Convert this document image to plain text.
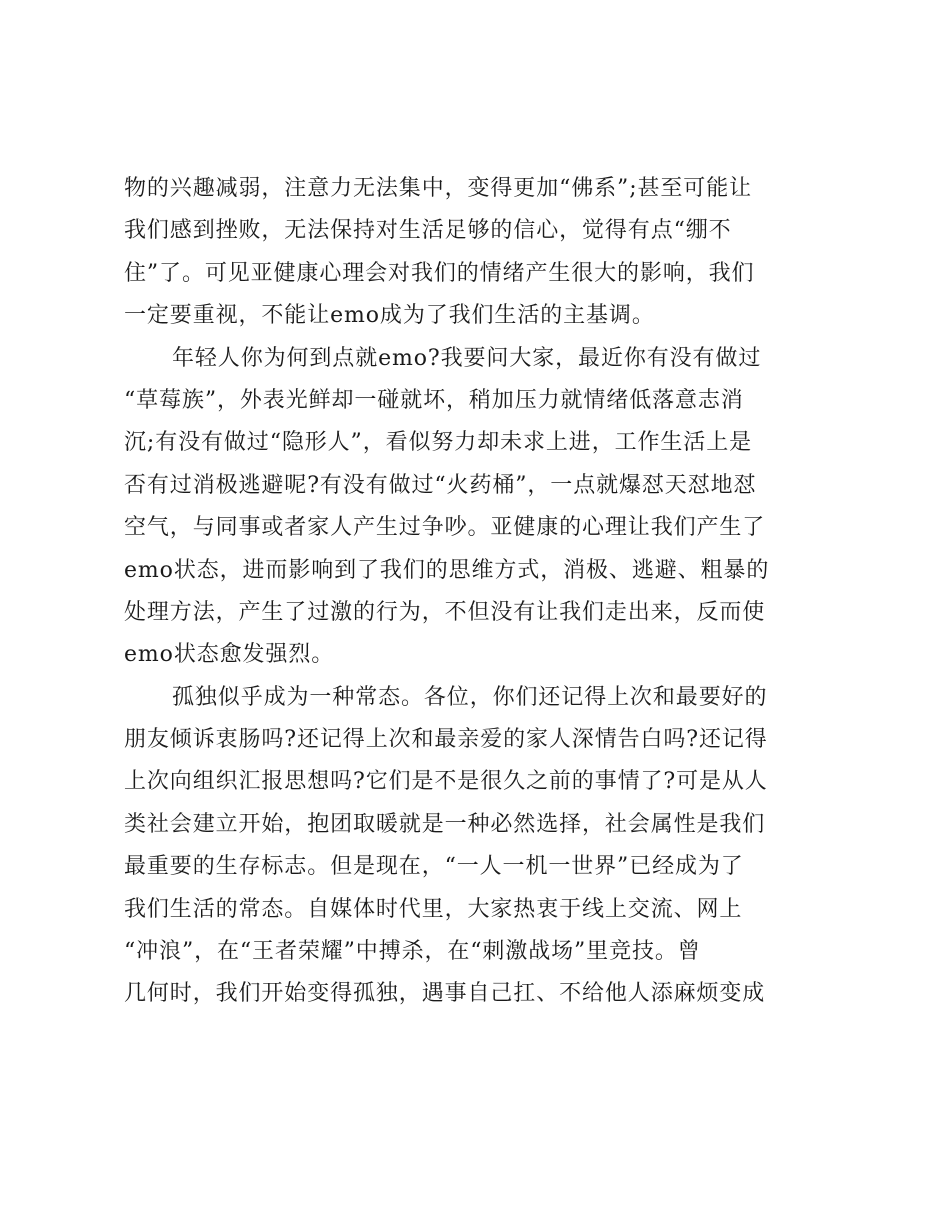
物的兴趣减弱，注意力无法集中，变得更加“佛系”;甚至可能让
我们感到挫败，无法保持对生活足够的信心，觉得有点“绷不
住”了。可见亚健康心理会对我们的情绪产生很大的影响，我们
一定要重视，不能让emo成为了我们生活的主基调。
年轻人你为何到点就emo?我要问大家，最近你有没有做过
“草莓族”，外表光鲜却一碰就坏，稍加压力就情绪低落意志消
沉;有没有做过“隐形人”，看似努力却未求上进，工作生活上是
否有过消极逃避呢?有没有做过“火药桶”，一点就爆怼天怼地怼
空气，与同事或者家人产生过争吵。亚健康的心理让我们产生了
emo状态，进而影响到了我们的思维方式，消极、逃避、粗暴的
处理方法，产生了过激的行为，不但没有让我们走出来，反而使
emo状态愈发强烈。
孤独似乎成为一种常态。各位，你们还记得上次和最要好的
朋友倾诉衷肠吗?还记得上次和最亲爱的家人深情告白吗?还记得
上次向组织汇报思想吗?它们是不是很久之前的事情了?可是从人
类社会建立开始，抱团取暖就是一种必然选择，社会属性是我们
最重要的生存标志。但是现在，“一人一机一世界”已经成为了
我们生活的常态。自媒体时代里，大家热衷于线上交流、网上
“冲浪”，在“王者荣耀”中搏杀，在“刺激战场”里竞技。曾
几何时，我们开始变得孤独，遇事自己扛、不给他人添麻烦变成
